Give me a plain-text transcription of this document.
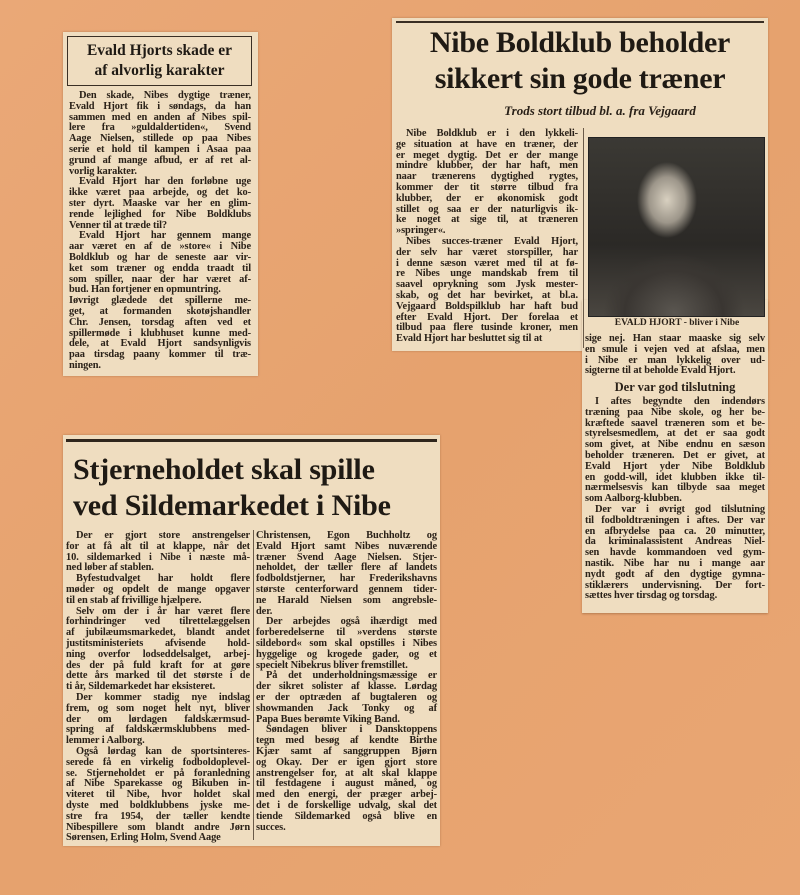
Evald Hjorts skade er
af alvorlig karakter
Den skade, Nibes dygtige træner,
Evald Hjort fik i søndags, da han
sammen med en anden af Nibes spil-
lere fra »guldaldertiden«, Svend
Aage Nielsen, stillede op paa Nibes
serie et hold til kampen i Asaa paa
grund af mange afbud, er af ret al-
vorlig karakter.
Evald Hjort har den forløbne uge
ikke været paa arbejde, og det ko-
ster dyrt. Maaske var her en glim-
rende lejlighed for Nibe Boldklubs
Venner til at træde til?
Evald Hjort har gennem mange
aar været en af de »store« i Nibe
Boldklub og har de seneste aar vir-
ket som træner og endda traadt til
som spiller, naar der har været af-
bud. Han fortjener en opmuntring.
Iøvrigt glædede det spillerne me-
get, at formanden skotøjshandler
Chr. Jensen, torsdag aften ved et
spillermøde i klubhuset kunne med-
dele, at Evald Hjort sandsynligvis
paa tirsdag paany kommer til træ-
ningen.
Nibe Boldklub beholder
sikkert sin gode træner
Trods stort tilbud bl. a. fra Vejgaard
Nibe Boldklub er i den lykkeli-
ge situation at have en træner, der
er meget dygtig. Det er der mange
mindre klubber, der har haft, men
naar trænerens dygtighed rygtes,
kommer der tit større tilbud fra
klubber, der er økonomisk godt
stillet og saa er der naturligvis ik-
ke noget at sige til, at træneren
»springer«.
Nibes succes-træner Evald Hjort,
der selv har været storspiller, har
i denne sæson været med til at fø-
re Nibes unge mandskab frem til
saavel oprykning som Jysk mester-
skab, og det har bevirket, at bl.a.
Vejgaard Boldspilklub har haft bud
efter Evald Hjort. Der forelaa et
tilbud paa flere tusinde kroner, men
Evald Hjort har besluttet sig til at
EVALD HJORT - bliver i Nibe
sige nej. Han staar maaske sig selv
en smule i vejen ved at afslaa, men
i Nibe er man lykkelig over ud-
sigterne til at beholde Evald Hjort.
Der var god tilslutning
I aftes begyndte den indendørs
træning paa Nibe skole, og her be-
kræftede saavel træneren som et be-
styrelsesmedlem, at det er saa godt
som givet, at Nibe endnu en sæson
beholder træneren. Det er givet, at
Evald Hjort yder Nibe Boldklub
en godd-will, idet klubben ikke til-
nærmelsesvis kan tilbyde saa meget
som Aalborg-klubben.
Der var i øvrigt god tilslutning
til fodboldtræningen i aftes. Der var
en afbrydelse paa ca. 20 minutter,
da kriminalassistent Andreas Niel-
sen havde kommandoen ved gym-
nastik. Nibe har nu i mange aar
nydt godt af den dygtige gymna-
stiklærers undervisning. Der fort-
sættes hver tirsdag og torsdag.
Stjerneholdet skal spille
ved Sildemarkedet i Nibe
Der er gjort store anstrengelser
for at få alt til at klappe, når det
10. sildemarked i Nibe i næste må-
ned løber af stablen.
Byfestudvalget har holdt flere
møder og opdelt de mange opgaver
til en stab af frivillige hjælpere.
Selv om der i år har været flere
forhindringer ved tilrettelæggelsen
af jubilæumsmarkedet, blandt andet
justitsministeriets afvisende hold-
ning overfor lodseddelsalget, arbej-
des der på fuld kraft for at gøre
dette års marked til det største i de
ti år, Sildemarkedet har eksisteret.
Der kommer stadig nye indslag
frem, og som noget helt nyt, bliver
der om lørdagen faldskærmsud-
spring af faldskærmsklubbens med-
lemmer i Aalborg.
Også lørdag kan de sportsinteres-
serede få en virkelig fodboldoplevel-
se. Stjerneholdet er på foranledning
af Nibe Sparekasse og Bikuben in-
viteret til Nibe, hvor holdet skal
dyste med boldklubbens jyske me-
stre fra 1954, der tæller kendte
Nibespillere som blandt andre Jørn
Sørensen, Erling Holm, Svend Aage
Christensen, Egon Buchholtz og
Evald Hjort samt Nibes nuværende
træner Svend Aage Nielsen. Stjer-
neholdet, der tæller flere af landets
fodboldstjerner, har Frederikshavns
største centerforward gennem tider-
ne Harald Nielsen som angrebsle-
der.
Der arbejdes også ihærdigt med
forberedelserne til »verdens største
sildebord« som skal opstilles i Nibes
hyggelige og krogede gader, og et
specielt Nibekrus bliver fremstillet.
På det underholdningsmæssige er
der sikret solister af klasse. Lørdag
er der optræden af bugtaleren og
showmanden Jack Tonky og af
Papa Bues berømte Viking Band.
Søndagen bliver i Dansktoppens
tegn med besøg af kendte Birthe
Kjær samt af sanggruppen Bjørn
og Okay. Der er igen gjort store
anstrengelser for, at alt skal klappe
til festdagene i august måned, og
med den energi, der præger arbej-
det i de forskellige udvalg, skal det
tiende Sildemarked også blive en
succes.
